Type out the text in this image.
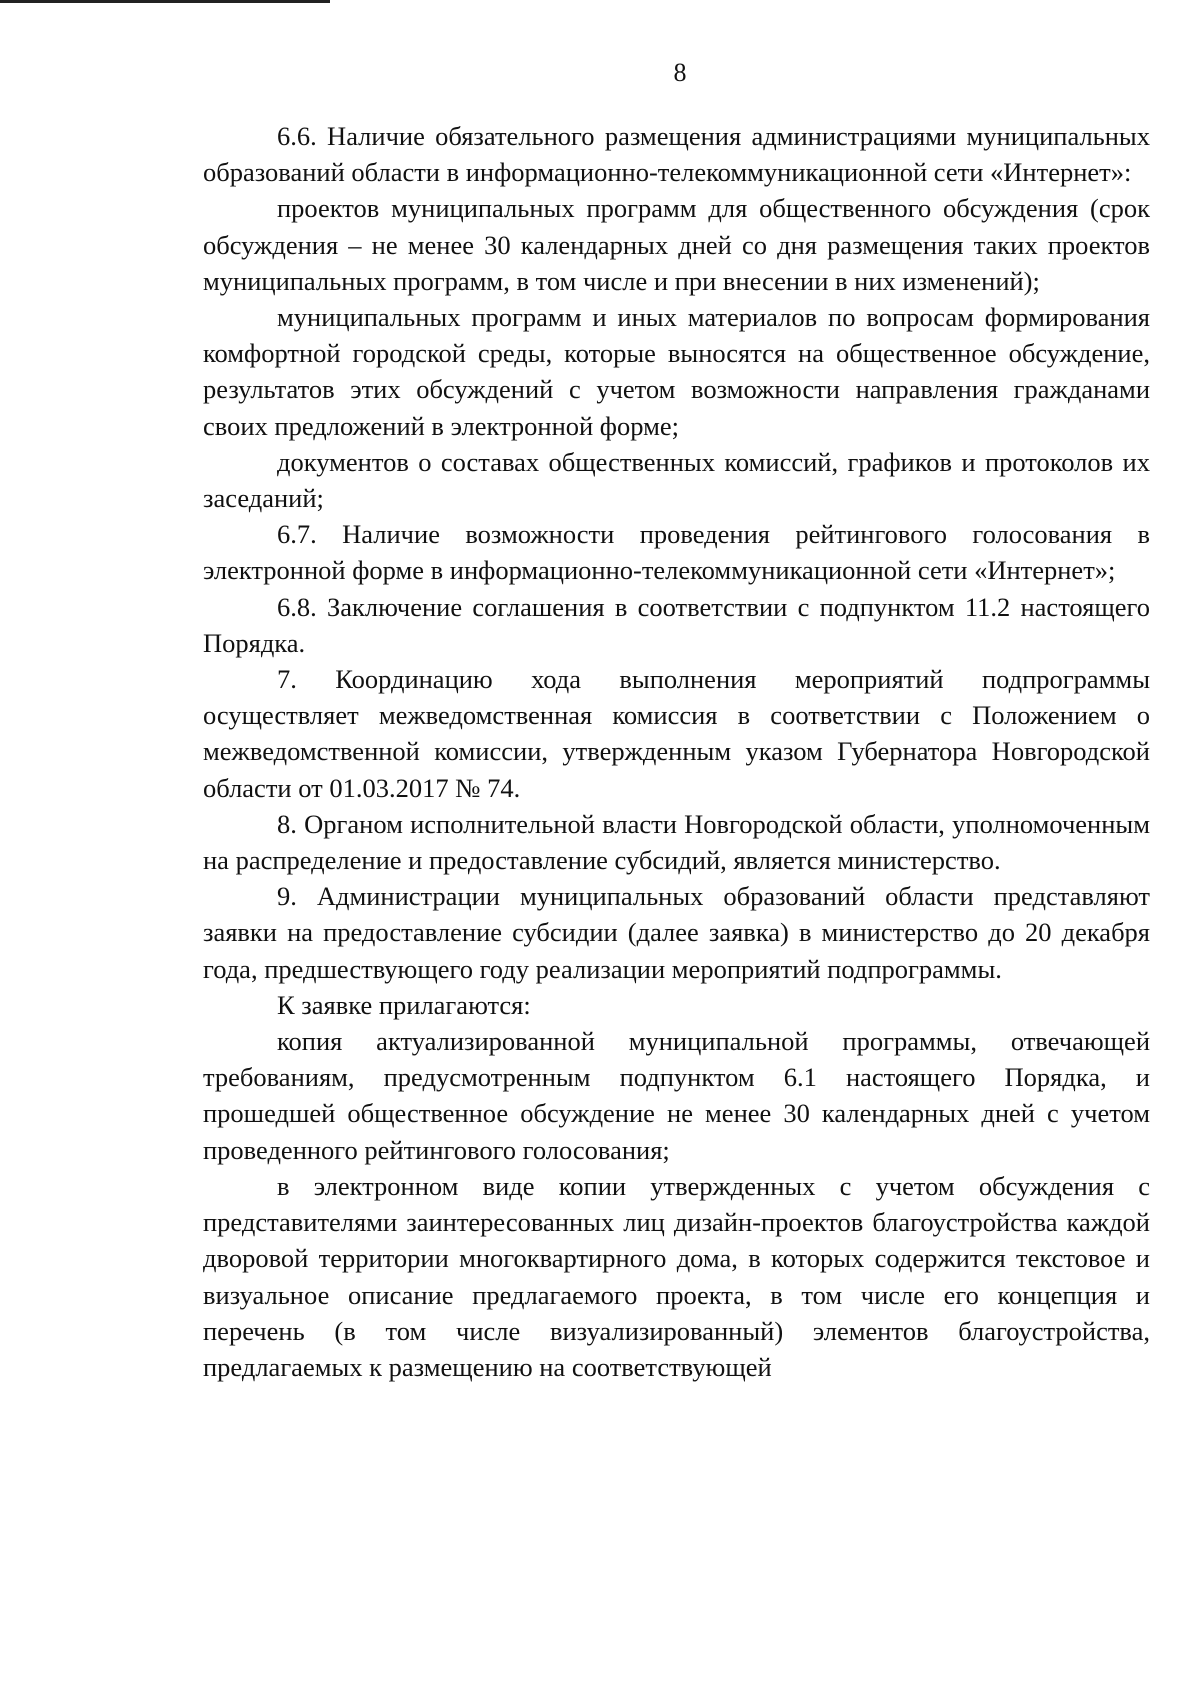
8

6.6. Наличие обязательного размещения администрациями муниципальных образований области в информационно-телекоммуникационной сети «Интернет»:

проектов муниципальных программ для общественного обсуждения (срок обсуждения – не менее 30 календарных дней со дня размещения таких проектов муниципальных программ, в том числе и при внесении в них изменений);

муниципальных программ и иных материалов по вопросам формирования комфортной городской среды, которые выносятся на общественное обсуждение, результатов этих обсуждений с учетом возможности направления гражданами своих предложений в электронной форме;

документов о составах общественных комиссий, графиков и протоколов их заседаний;

6.7. Наличие возможности проведения рейтингового голосования в электронной форме в информационно-телекоммуникационной сети «Интернет»;

6.8. Заключение соглашения в соответствии с подпунктом 11.2 настоящего Порядка.

7. Координацию хода выполнения мероприятий подпрограммы осуществляет межведомственная комиссия в соответствии с Положением о межведомственной комиссии, утвержденным указом Губернатора Новгородской области от 01.03.2017 № 74.

8. Органом исполнительной власти Новгородской области, уполномоченным на распределение и предоставление субсидий, является министерство.

9. Администрации муниципальных образований области представляют заявки на предоставление субсидии (далее заявка) в министерство до 20 декабря года, предшествующего году реализации мероприятий подпрограммы.

К заявке прилагаются:

копия актуализированной муниципальной программы, отвечающей требованиям, предусмотренным подпунктом 6.1 настоящего Порядка, и прошедшей общественное обсуждение не менее 30 календарных дней с учетом проведенного рейтингового голосования;

в электронном виде копии утвержденных с учетом обсуждения с представителями заинтересованных лиц дизайн-проектов благоустройства каждой дворовой территории многоквартирного дома, в которых содержится текстовое и визуальное описание предлагаемого проекта, в том числе его концепция и перечень (в том числе визуализированный) элементов благоустройства, предлагаемых к размещению на соответствующей
